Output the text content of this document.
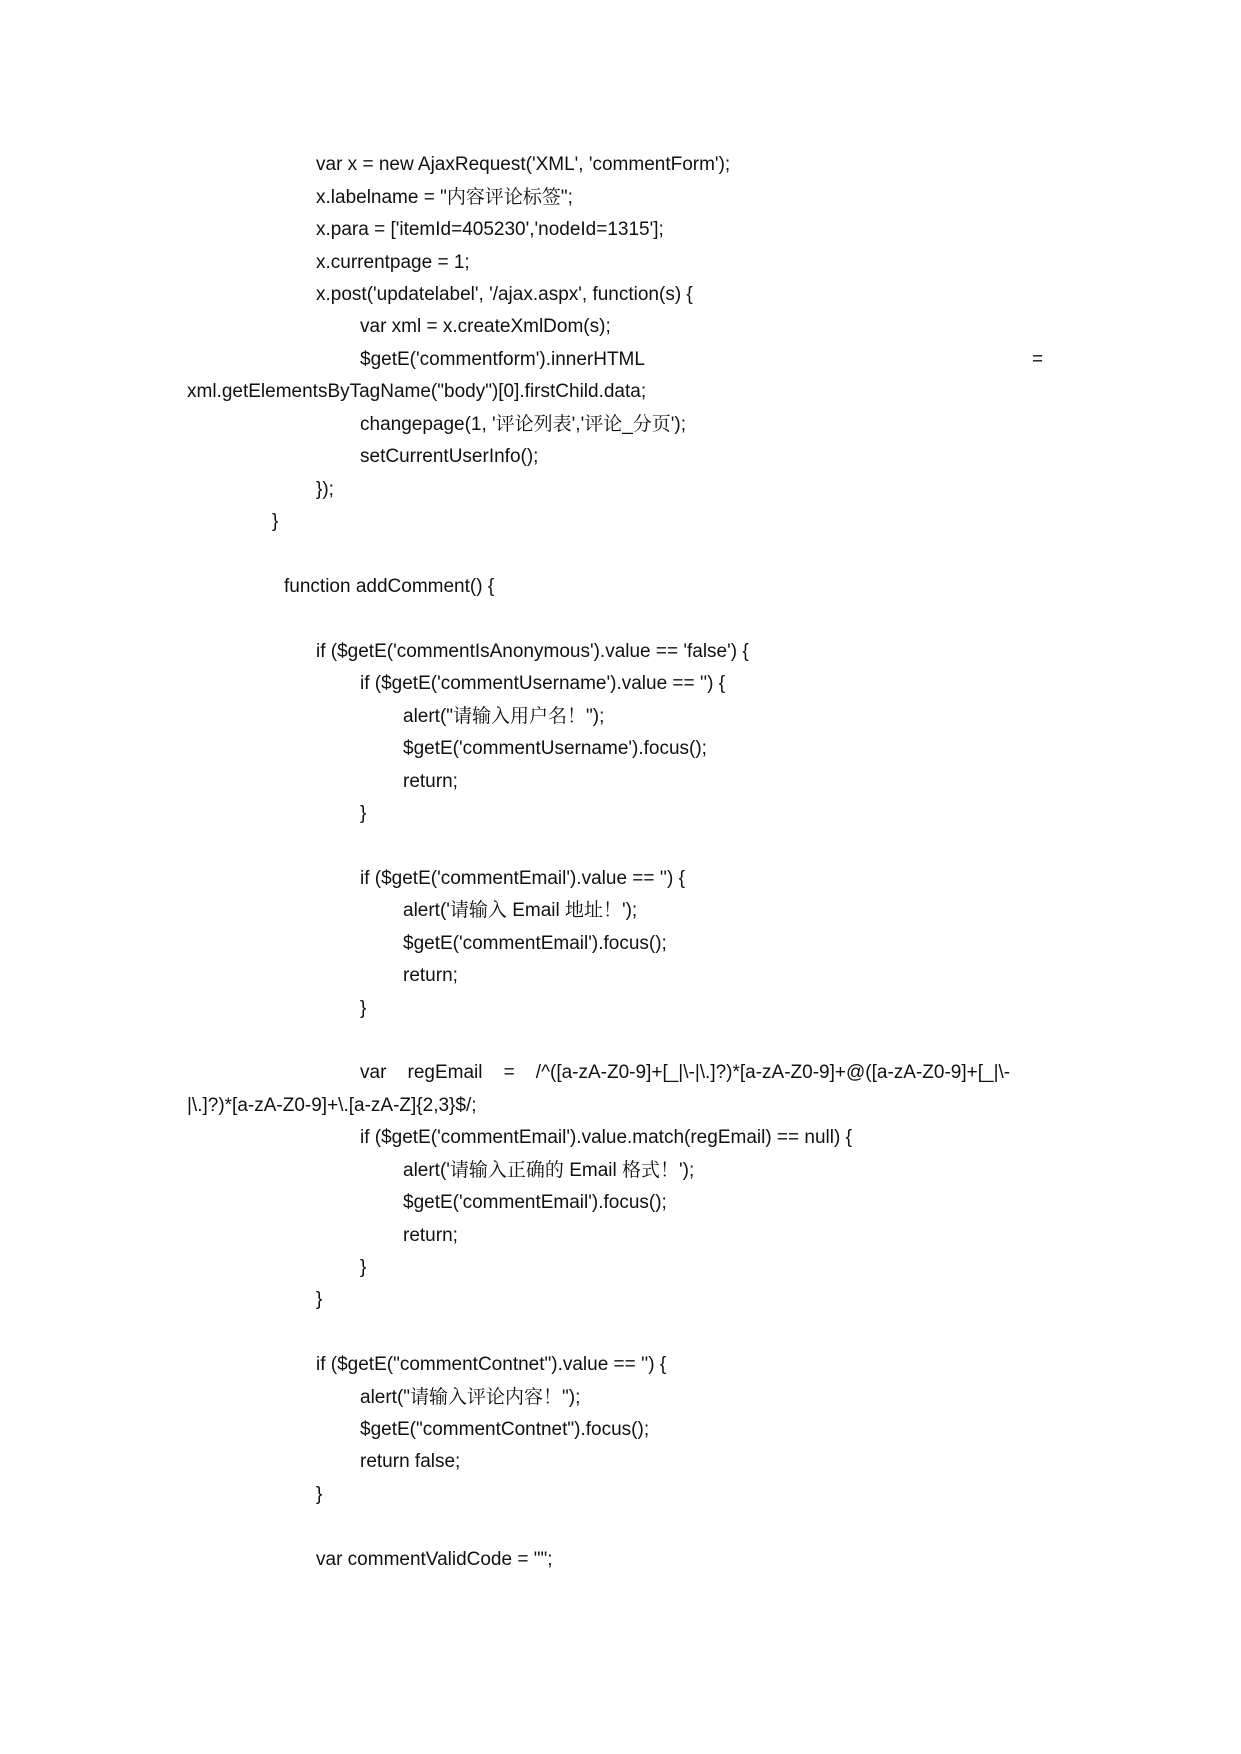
var x = new AjaxRequest('XML', 'commentForm');
x.labelname = "内容评论标签";
x.para = ['itemId=405230','nodeId=1315'];
x.currentpage = 1;
x.post('updatelabel', '/ajax.aspx', function(s) {
var xml = x.createXmlDom(s);
$getE('commentform').innerHTML	=
xml.getElementsByTagName("body")[0].firstChild.data;
changepage(1, '评论列表','评论_分页');
setCurrentUserInfo();
});
}
function addComment() {
if ($getE('commentIsAnonymous').value == 'false') {
if ($getE('commentUsername').value == '') {
alert("请输入用户名！");
$getE('commentUsername').focus();
return;
}
if ($getE('commentEmail').value == '') {
alert('请输入 Email 地址！');
$getE('commentEmail').focus();
return;
}
var    regEmail    =    /^([a-zA-Z0-9]+[_|\-|\.]?)*[a-zA-Z0-9]+@([a-zA-Z0-9]+[_|\-
|\.]?)*[a-zA-Z0-9]+\.[a-zA-Z]{2,3}$/;
if ($getE('commentEmail').value.match(regEmail) == null) {
alert('请输入正确的 Email 格式！');
$getE('commentEmail').focus();
return;
}
}
if ($getE("commentContnet").value == '') {
alert("请输入评论内容！");
$getE("commentContnet").focus();
return false;
}
var commentValidCode = "";
